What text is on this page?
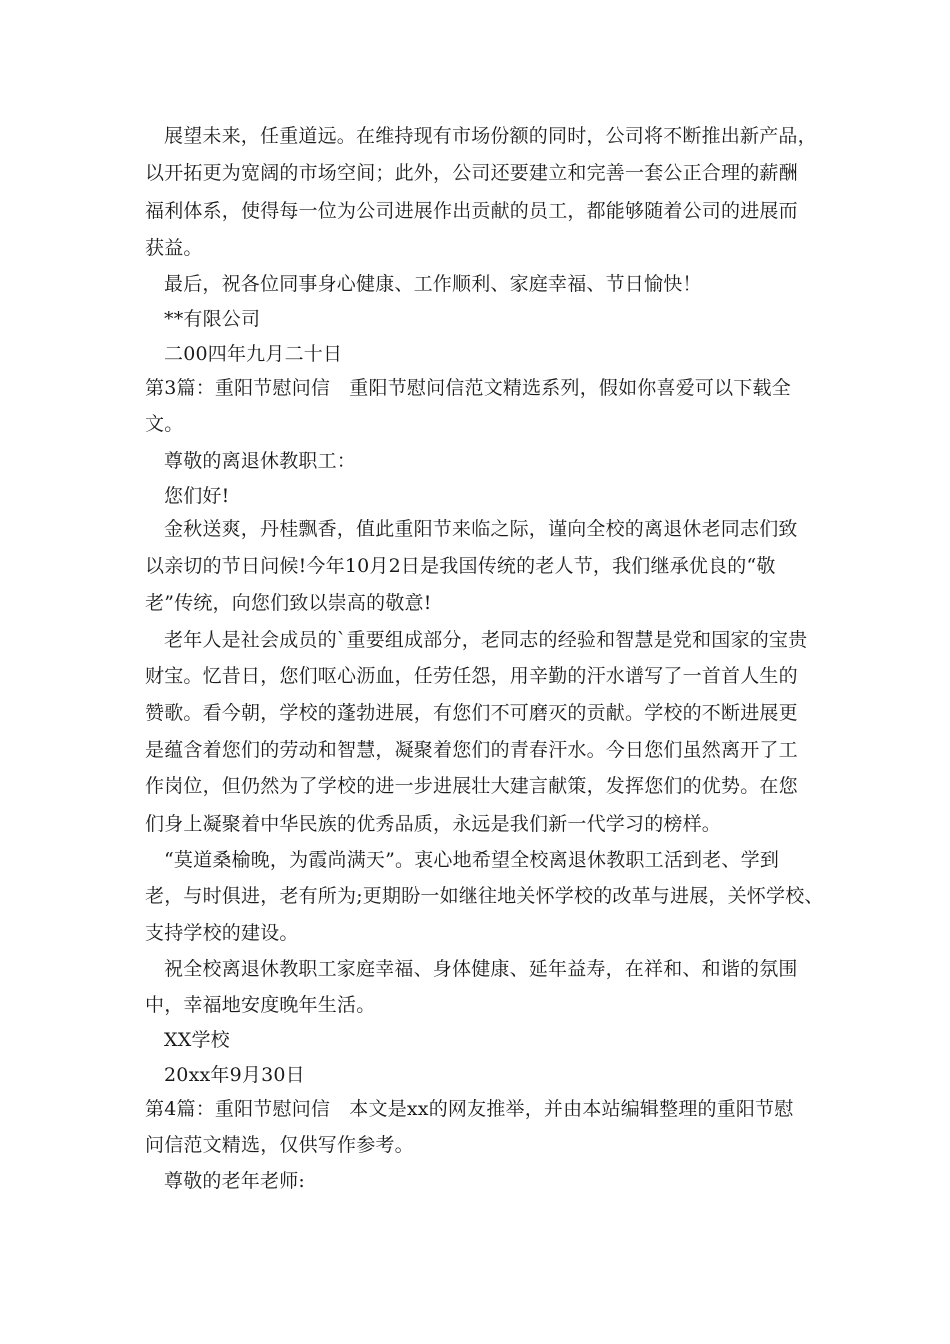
展望未来，任重道远。在维持现有市场份额的同时，公司将不断推出新产品，
以开拓更为宽阔的市场空间；此外，公司还要建立和完善一套公正合理的薪酬
福利体系，使得每一位为公司进展作出贡献的员工，都能够随着公司的进展而
获益。
最后，祝各位同事身心健康、工作顺利、家庭幸福、节日愉快！
**有限公司
二00四年九月二十日
第3篇：重阳节慰问信　重阳节慰问信范文精选系列，假如你喜爱可以下载全
文。
尊敬的离退休教职工：
您们好!
金秋送爽，丹桂飘香，值此重阳节来临之际，谨向全校的离退休老同志们致
以亲切的节日问候!今年10月2日是我国传统的老人节，我们继承优良的“敬
老”传统，向您们致以崇高的敬意!
老年人是社会成员的`重要组成部分，老同志的经验和智慧是党和国家的宝贵
财宝。忆昔日，您们呕心沥血，任劳任怨，用辛勤的汗水谱写了一首首人生的
赞歌。看今朝，学校的蓬勃进展，有您们不可磨灭的贡献。学校的不断进展更
是蕴含着您们的劳动和智慧，凝聚着您们的青春汗水。今日您们虽然离开了工
作岗位，但仍然为了学校的进一步进展壮大建言献策，发挥您们的优势。在您
们身上凝聚着中华民族的优秀品质，永远是我们新一代学习的榜样。
“莫道桑榆晚，为霞尚满天”。衷心地希望全校离退休教职工活到老、学到
老，与时俱进，老有所为;更期盼一如继往地关怀学校的改革与进展，关怀学校、
支持学校的建设。
祝全校离退休教职工家庭幸福、身体健康、延年益寿，在祥和、和谐的氛围
中，幸福地安度晚年生活。
XX学校
20xx年9月30日
第4篇：重阳节慰问信　本文是xx的网友推举，并由本站编辑整理的重阳节慰
问信范文精选，仅供写作参考。
尊敬的老年老师:
